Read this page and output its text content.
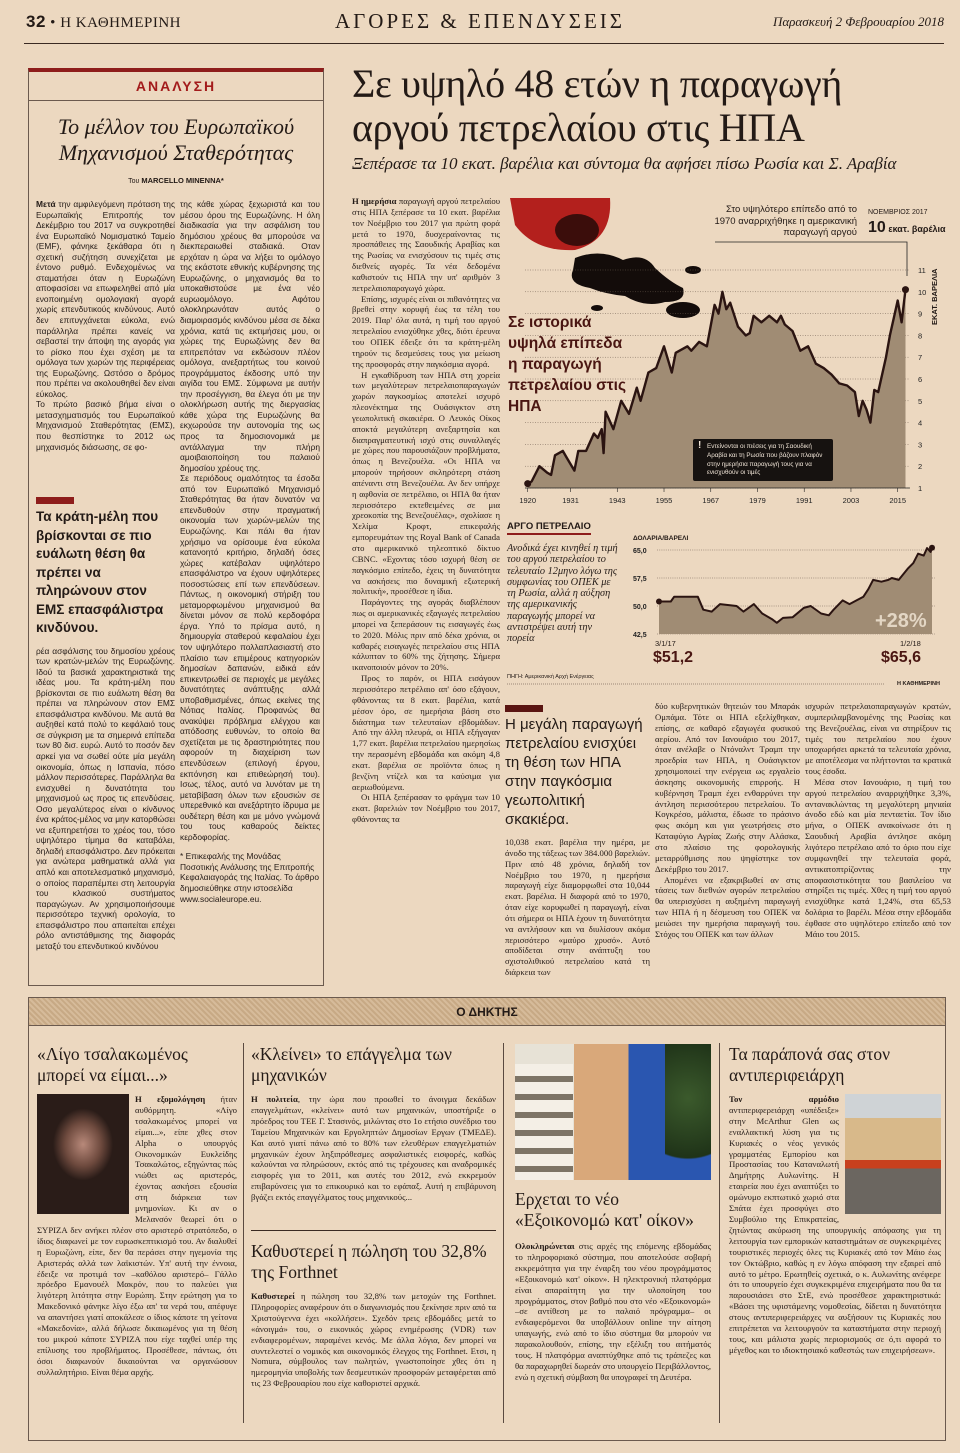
32 • Η ΚΑΘΗΜΕΡΙΝΗ	ΑΓΟΡΕΣ & ΕΠΕΝΔΥΣΕΙΣ	Παρασκευή 2 Φεβρουαρίου 2018
ΑΝΑΛΥΣΗ
Το μέλλον του Ευρωπαϊκού
Μηχανισμού Σταθερότητας
Του MARCELLO MINENNA*

Μετά την αμφιλεγόμενη πρόταση της Ευρωπαϊκής Επιτροπής τον Δεκέμβριο του 2017 να συγκροτηθεί ένα Ευρωπαϊκό Νομισματικό Ταμείο (EMF), φάνηκε ξεκάθαρα ότι η σχετική συζήτηση συνεχίζεται με έντονο ρυθμό. Ενδεχομένως να σταματήσει όταν η Ευρωζώνη αποφασίσει να επωφεληθεί από μία ενοποιημένη ομολογιακή αγορά χωρίς επενδυτικούς κινδύνους. Αυτό δεν επιτυγχάνεται εύκολα, ενώ παράλληλα πρέπει κανείς να σεβαστεί την άποψη της αγοράς για το ρίσκο που έχει σχέση με τα ομόλογα των χωρών της περιφέρειας της Ευρωζώνης. Ωστόσο ο δρόμος που πρέπει να ακολουθηθεί δεν είναι εύκολος.

Το πρώτο βασικό βήμα είναι ο μετασχηματισμός του Ευρωπαϊκού Μηχανισμού Σταθερότητας (ΕΜΣ), που θεσπίστηκε το 2012 ως μηχανισμός διάσωσης, σε φο-

Τα κράτη-μέλη που βρίσκονται σε πιο ευάλωτη θέση θα πρέπει να πληρώνουν στον ΕΜΣ επασφάλιστρα κινδύνου.

ρέα ασφάλισης του δημοσίου χρέους των κρατών-μελών της Ευρωζώνης. Ιδού τα βασικά χαρακτηριστικά της ιδέας μου. Τα κράτη-μέλη που βρίσκονται σε πιο ευάλωτη θέση θα πρέπει να πληρώνουν στον ΕΜΣ επασφάλιστρα κινδύνου. Με αυτά θα αυξηθεί κατά πολύ το κεφάλαιό τους σε σύγκριση με τα σημερινά επίπεδα των 80 δισ. ευρώ. Αυτό το ποσόν δεν αρκεί για να σωθεί ούτε μία μεγάλη οικονομία, όπως η Ισπανία, πόσο μάλλον περισσότερες. Παράλληλα θα ενισχυθεί η δυνατότητα του μηχανισμού ως προς τις επενδύσεις. Οσο μεγαλύτερος είναι ο κίνδυνος ένα κράτος-μέλος να μην κατορθώσει να εξυπηρετήσει το χρέος του, τόσο υψηλότερο τίμημα θα καταβάλει, δηλαδή επασφάλιστρο. Δεν πρόκειται για ανώτερα μαθηματικά αλλά για απλό και αποτελεσματικό μηχανισμό, ο οποίος παραπέμπει στη λειτουργία του κλασικού συστήματος παραγώγων. Αν χρησιμοποιήσουμε περισσότερο τεχνική ορολογία, το επασφάλιστρο που απαιτείται επέχει ρόλο αντιστάθμισης της διαφοράς μεταξύ του επενδυτικού κινδύνου

της κάθε χώρας ξεχωριστά και του μέσου όρου της Ευρωζώνης. Η όλη διαδικασία για την ασφάλιση του δημόσιου χρέους θα μπορούσε να διεκπεραιωθεί σταδιακά. Οταν ερχόταν η ώρα να λήξει το ομόλογο της εκάστοτε εθνικής κυβέρνησης της Ευρωζώνης, ο μηχανισμός θα το υποκαθιστούσε με ένα νέο ευρωομόλογο. Αφότου ολοκληρωνόταν αυτός ο διαμοιρασμός κινδύνου μέσα σε δέκα χρόνια, κατά τις εκτιμήσεις μου, οι χώρες της Ευρωζώνης δεν θα επιτρεπόταν να εκδώσουν πλέον ομόλογα, ανεξαρτήτως του κοινού προγράμματος έκδοσης υπό την αιγίδα του ΕΜΣ. Σύμφωνα με αυτήν την προσέγγιση, θα έλεγα ότι με την ολοκλήρωση αυτής της διεργασίας κάθε χώρα της Ευρωζώνης θα εκχωρούσε την αυτονομία της ως προς τα δημοσιονομικά με αντάλλαγμα την πλήρη αμοιβαιοποίηση του παλαιού δημοσίου χρέους της.

Σε περιόδους ομαλότητος τα έσοδα από τον Ευρωπαϊκό Μηχανισμό Σταθερότητας θα ήταν δυνατόν να επενδυθούν στην πραγματική οικονομία των χωρών-μελών της Ευρωζώνης. Και πάλι θα ήταν χρήσιμο να ορίσουμε ένα εύκολα κατανοητό κριτήριο, δηλαδή όσες χώρες κατέβαλαν υψηλότερο επασφάλιστρο να έχουν υψηλότερες ποσοστώσεις επί των επενδύσεων. Πάντως, η οικονομική στήριξη του μεταμορφωμένου μηχανισμού θα δίνεται μόνον σε πολύ κερδοφόρα έργα. Υπό το πρίσμα αυτό, η δημιουργία σταθερού κεφαλαίου έχει τον υψηλότερο πολλαπλασιαστή στο πλαίσιο των επιμέρους κατηγοριών δημοσίων δαπανών, ειδικά εάν επικεντρωθεί σε περιοχές με μεγάλες δυνατότητες ανάπτυξης αλλά υποβαθμισμένες, όπως εκείνες της Νότιας Ιταλίας. Προφανώς θα ανακύψει πρόβλημα ελέγχου και απόδοσης ευθυνών, το οποίο θα σχετίζεται με τις δραστηριότητες που αφορούν τη διαχείριση των επενδύσεων (επιλογή έργου, εκπόνηση και επιθεώρησή του). Ισως, τέλος, αυτό να λυνόταν με τη μεταβίβαση όλων των εξουσιών σε υπερεθνικό και ανεξάρτητο ίδρυμα με ουδέτερη θέση και με μόνο γνώμονά του τους καθαρούς δείκτες κερδοφορίας.

* Επικεφαλής της Μονάδας Ποσοτικής Ανάλυσης της Επιτροπής Κεφαλαιαγοράς της Ιταλίας. Το άρθρο δημοσιεύθηκε στην ιστοσελίδα www.socialeurope.eu.

Σε υψηλό 48 ετών η παραγωγή
αργού πετρελαίου στις ΗΠΑ
Ξεπέρασε τα 10 εκατ. βαρέλια και σύντομα θα αφήσει πίσω Ρωσία και Σ. Αραβία

Η ημερήσια παραγωγή αργού πετρελαίου στις ΗΠΑ ξεπέρασε τα 10 εκατ. βαρέλια τον Νοέμβριο του 2017 για πρώτη φορά μετά το 1970, δυσχεραίνοντας τις προσπάθειες της Σαουδικής Αραβίας και της Ρωσίας να ενισχύσουν τις τιμές στις διεθνείς αγορές. Τα νέα δεδομένα καθιστούν τις ΗΠΑ την υπ' αριθμόν 3 πετρελαιοπαραγωγό χώρα.

Επίσης, ισχυρές είναι οι πιθανότητες να βρεθεί στην κορυφή έως τα τέλη του 2019. Παρ' όλα αυτά, η τιμή του αργού πετρελαίου ενισχύθηκε χθες, διότι έρευνα του ΟΠΕΚ έδειξε ότι τα κράτη-μέλη τηρούν τις δεσμεύσεις τους για μείωση της προσφοράς στην παγκόσμια αγορά.

Η εγκαθίδρυση των ΗΠΑ στη χορεία των μεγαλύτερων πετρελαιοπαραγωγών χωρών παγκοσμίως αποτελεί ισχυρό πλεονέκτημα της Ουάσιγκτον στη γεωπολιτική σκακιέρα. Ο Λευκός Οίκος αποκτά μεγαλύτερη ανεξαρτησία και διαπραγματευτική ισχύ στις συναλλαγές με χώρες που παρουσιάζουν προβλήματα, όπως η Βενεζουέλα. «Οι ΗΠΑ να μπορούν τηρήσουν σκληρότερη στάση απέναντι στη Βενεζουέλα. Αν δεν υπήρχε η αφθονία σε πετρέλαιο, οι ΗΠΑ θα ήταν περισσότερο εκτεθειμένες σε μια χρεοκοπία της Βενεζουέλας», σχολίασε η Χελίμα Κροφτ, επικεφαλής εμπορευμάτων της Royal Bank of Canada στο αμερικανικό τηλεοπτικό δίκτυο CBNC. «Εχοντας τόσο ισχυρή θέση σε παγκόσμιο επίπεδο, έχεις τη δυνατότητα να ασκήσεις πιο δυναμική εξωτερική πολιτική», προσέθεσε η ίδια.

Παράγοντες της αγοράς διαβλέπουν πως οι αμερικανικές εξαγωγές πετρελαίου μπορεί να ξεπεράσουν τις εισαγωγές έως το 2020. Μόλις πριν από δέκα χρόνια, οι καθαρές εισαγωγές πετρελαίου στις ΗΠΑ κάλυπταν το 60% της ζήτησης. Σήμερα ικανοποιούν μόνον το 20%.

Προς το παρόν, οι ΗΠΑ εισάγουν περισσότερο πετρέλαιο απ' όσο εξάγουν, φθάνοντας τα 8 εκατ. βαρέλια, κατά μέσον όρο, σε ημερήσια βάση στο διάστημα των τελευταίων εβδομάδων. Από την άλλη πλευρά, οι ΗΠΑ εξήγαγαν 1,77 εκατ. βαρέλια πετρελαίου ημερησίως την περασμένη εβδομάδα και ακόμη 4,8 εκατ. βαρέλια σε προϊόντα όπως η βενζίνη ντίζελ και τα καύσιμα για αεριωθούμενα.

Οι ΗΠΑ ξεπέρασαν το φράγμα των 10 εκατ. βαρελιών τον Νοέμβριο του 2017, φθάνοντας τα

1
2
3
4
5
6
7
8
9
10
11
1920	1931	1943	1955	1967	1979	1991	2003	2015
Στο υψηλότερο επίπεδο από το 1970 αναρριχήθηκε η αμερικανική παραγωγή αργού
ΝΟΕΜΒΡΙΟΣ 2017
10 εκατ. βαρέλια
Σε ιστορικά υψηλά επίπεδα η παραγωγή πετρελαίου στις ΗΠΑ
! Εντείνονται οι πιέσεις για τη Σαουδική Αραβία και τη Ρωσία που βάζουν πλαφόν στην ημερήσια παραγωγή τους για να ενισχυθούν οι τιμές
ΕΚΑΤ. ΒΑΡΕΛΙΑ
ΑΡΓΟ ΠΕΤΡΕΛΑΙΟ
Ανοδικά έχει κινηθεί η τιμή του αργού πετρελαίου το τελευταίο 12μηνο λόγω της συμφωνίας του ΟΠΕΚ με τη Ρωσία, αλλά η αύξηση της αμερικανικής παραγωγής μπορεί να αντιστρέψει αυτή την πορεία
65,0
57,5
50,0
42,5
ΔΟΛΑΡΙΑ/ΒΑΡΕΛΙ
3/1/17
$51,2
1/2/18
$65,6
+28%
ΠΗΓΗ: Αμερικανική Αρχή Ενέργειας
Η ΚΑΘΗΜΕΡΙΝΗ
Η μεγάλη παραγωγή πετρελαίου ενισχύει τη θέση των ΗΠΑ στην παγκόσμια γεωπολιτική σκακιέρα.

10,038 εκατ. βαρέλια την ημέρα, με άνοδο της τάξεως των 384.000 βαρελιών. Πριν από 48 χρόνια, δηλαδή τον Νοέμβριο του 1970, η ημερήσια παραγωγή είχε διαμορφωθεί στα 10,044 εκατ. βαρέλια. Η διαφορά από το 1970, όταν είχε κορυφωθεί η παραγωγή, είναι ότι σήμερα οι ΗΠΑ έχουν τη δυνατότητα να αντλήσουν και να διυλίσουν ακόμα περισσότερο «μαύρο χρυσό». Αυτό αποδίδεται στην ανάπτυξη του σχιστολιθικού πετρελαίου κατά τη διάρκεια των

δύο κυβερνητικών θητειών του Μπαράκ Ομπάμα. Τότε οι ΗΠΑ εξελίχθηκαν, επίσης, σε καθαρό εξαγωγέα φυσικού αερίου. Από τον Ιανουάριο του 2017, όταν ανέλαβε ο Ντόναλντ Τραμπ την προεδρία των ΗΠΑ, η Ουάσιγκτον χρησιμοποιεί την ενέργεια ως εργαλείο άσκησης οικονομικής επιρροής. Η κυβέρνηση Τραμπ έχει ενθαρρύνει την άντληση περισσότερου πετρελαίου. Το Κογκρέσο, μάλιστα, έδωσε το πράσινο φως ακόμη και για γεωτρήσεις στο Καταφύγιο Αγρίας Ζωής στην Αλάσκα, στο πλαίσιο της φορολογικής μεταρρύθμισης που ψηφίστηκε τον Δεκέμβριο του 2017.

Απομένει να εξακριβωθεί αν στις τάσεις των διεθνών αγορών πετρελαίου θα υπερισχύσει η αυξημένη παραγωγή των ΗΠΑ ή η δέσμευση του ΟΠΕΚ να μειώσει την ημερήσια παραγωγή του. Στόχος του ΟΠΕΚ και των άλλων

ισχυρών πετρελαιοπαραγωγών κρατών, συμπεριλαμβανομένης της Ρωσίας και της Βενεζουέλας, είναι να στηρίξουν τις τιμές του πετρελαίου που έχουν υποχωρήσει αρκετά τα τελευταία χρόνια, με αποτέλεσμα να πλήττονται τα κρατικά τους έσοδα.

Μέσα στον Ιανουάριο, η τιμή του αργού πετρελαίου αναρριχήθηκε 3,3%, αντανακλώντας τη μεγαλύτερη μηνιαία άνοδο εδώ και μία πενταετία. Τον ίδιο μήνα, ο ΟΠΕΚ ανακοίνωσε ότι η Σαουδική Αραβία άντλησε ακόμη λιγότερο πετρέλαιο από το όριο που είχε συμφωνηθεί την τελευταία φορά, αντικατοπτρίζοντας την αποφασιστικότητα του βασιλείου να στηρίξει τις τιμές. Χθες η τιμή του αργού ενισχύθηκε κατά 1,24%, στα 65,53 δολάρια το βαρέλι. Μέσα στην εβδομάδα έφθασε στο υψηλότερο επίπεδο από τον Μάιο του 2015.

Ο ΔΗΚΤΗΣ
«Λίγο τσαλακωμένος μπορεί να είμαι...»

Η εξομολόγηση ήταν αυθόρμητη. «Λίγο τσαλακωμένος μπορεί να είμαι...», είπε χθες στον Alpha ο υπουργός Οικονομικών Ευκλείδης Τσακαλώτος, εξηγώντας πώς νιώθει ως αριστερός, έχοντας ασκήσει εξουσία στη διάρκεια των μνημονίων. Κι αν ο Μελανσόν θεωρεί ότι ο ΣΥΡΙΖΑ δεν ανήκει πλέον στο αριστερό στρατόπεδο, ο ίδιος διαφωνεί με τον ευρωσκεπτικισμό του. Αν διαλυθεί η Ευρωζώνη, είπε, δεν θα περάσει στην ηγεμονία της Αριστεράς αλλά των λαϊκιστών. Υπ' αυτή την έννοια, έδειξε να προτιμά τον –καθόλου αριστερό– Γάλλο πρόεδρο Εμανουέλ Μακρόν, που το παλεύει για λιγότερη λιτότητα στην Ευρώπη. Στην ερώτηση για το Μακεδονικό φάνηκε λίγο έξω απ' τα νερά του, απέφυγε να απαντήσει γιατί αποκάλεσε ο ίδιος κάποτε τη γείτονα «Μακεδονία», αλλά δήλωσε δικαιωμένος για τη θέση του μικρού κάποτε ΣΥΡΙΖΑ που είχε ταχθεί υπέρ της επίλυσης του προβλήματος. Προσέθεσε, πάντως, ότι όσοι διαφωνούν δικαιούνται να οργανώσουν συλλαλητήριο. Είναι θέμα αρχής.

«Κλείνει» το επάγγελμα των μηχανικών

Η πολιτεία, την ώρα που προωθεί το άνοιγμα δεκάδων επαγγελμάτων, «κλείνει» αυτό των μηχανικών, υποστήριξε ο πρόεδρος του ΤΕΕ Γ. Στασινός, μιλώντας στο 1ο ετήσιο συνέδριο του Ταμείου Μηχανικών και Εργοληπτών Δημοσίων Εργων (ΤΜΕΔΕ). Και αυτό γιατί πάνω από το 80% των ελευθέρων επαγγελματιών μηχανικών έχουν ληξιπρόθεσμες ασφαλιστικές εισφορές, καθώς καλούνται να πληρώσουν, εκτός από τις τρέχουσες και αναδρομικές εισφορές για το 2011, και αυτές του 2012, ενώ εκκρεμούν επιβαρύνσεις για το επικουρικό και το εφάπαξ. Αυτή η επιβάρυνση βγάζει εκτός επαγγέλματος τους μηχανικούς...

Καθυστερεί η πώληση του 32,8% της Forthnet

Καθυστερεί η πώληση του 32,8% των μετοχών της Forthnet. Πληροφορίες αναφέρουν ότι ο διαγωνισμός που ξεκίνησε πριν από τα Χριστούγεννα έχει «κολλήσει». Σχεδόν τρεις εβδομάδες μετά το «άνοιγμά» του, ο εικονικός χώρος ενημέρωσης (VDR) των ενδιαφερομένων, παραμένει κενός. Με άλλα λόγια, δεν μπορεί να συντελεστεί ο νομικός και οικονομικός έλεγχος της Forthnet. Ετσι, η Nomura, σύμβουλος των πωλητών, γνωστοποίησε χθες ότι η ημερομηνία υποβολής των δεσμευτικών προσφορών μεταφέρεται από τις 23 Φεβρουαρίου που είχε καθοριστεί αρχικά.

Ερχεται το νέο «Εξοικονομώ κατ' οίκον»

Ολοκληρώνεται στις αρχές της επόμενης εβδομάδας το πληροφοριακό σύστημα, που αποτελούσε σοβαρή εκκρεμότητα για την έναρξη του νέου προγράμματος «Εξοικονομώ κατ' οίκον». Η ηλεκτρονική πλατφόρμα είναι απαραίτητη για την υλοποίηση του προγράμματος, στον βαθμό που στο νέο «Εξοικονομώ» –σε αντίθεση με το παλαιό πρόγραμμα– οι ενδιαφερόμενοι θα υποβάλλουν online την αίτηση υπαγωγής, ενώ από το ίδιο σύστημα θα μπορούν να παρακολουθούν, επίσης, την εξέλιξη του αιτήματός τους. Η πλατφόρμα αναπτύχθηκε από τις τράπεζες και θα παραχωρηθεί δωρεάν στο υπουργείο Περιβάλλοντος, ενώ η σχετική σύμβαση θα υπογραφεί τη Δευτέρα.

Τα παράπονά σας στον αντιπεριφειάρχη

Τον αρμόδιο αντιπεριφερειάρχη «υπέδειξε» στην McArthur Glen ως εναλλακτική λύση για τις Κυριακές ο νέος γενικός γραμματέας Εμπορίου και Προστασίας του Καταναλωτή Δημήτρης Αυλωνίτης. Η εταιρεία που έχει αναπτύξει το ομώνυμο εκπτωτικό χωριό στα Σπάτα έχει προσφύγει στο Συμβούλιο της Επικρατείας, ζητώντας ακύρωση της υπουργικής απόφασης για τη λειτουργία των εμπορικών καταστημάτων σε συγκεκριμένες τουριστικές περιοχές όλες τις Κυριακές από τον Μάιο έως τον Οκτώβριο, καθώς η εν λόγω απόφαση την εξαιρεί από αυτό το μέτρο. Ερωτηθείς σχετικά, ο κ. Αυλωνίτης ανέφερε ότι το υπουργείο έχει συγκεκριμένα επιχειρήματα που θα τα παρουσιάσει στο ΣτΕ, ενώ προσέθεσε χαρακτηριστικά: «Βάσει της υφιστάμενης νομοθεσίας, δίδεται η δυνατότητα στους αντιπεριφερειάρχες να αυξήσουν τις Κυριακές που επιτρέπεται να λειτουργούν τα καταστήματα στην περιοχή τους, και μάλιστα χωρίς περιορισμούς σε ό,τι αφορά το μέγεθος και το ιδιοκτησιακό καθεστώς των επιχειρήσεων».
